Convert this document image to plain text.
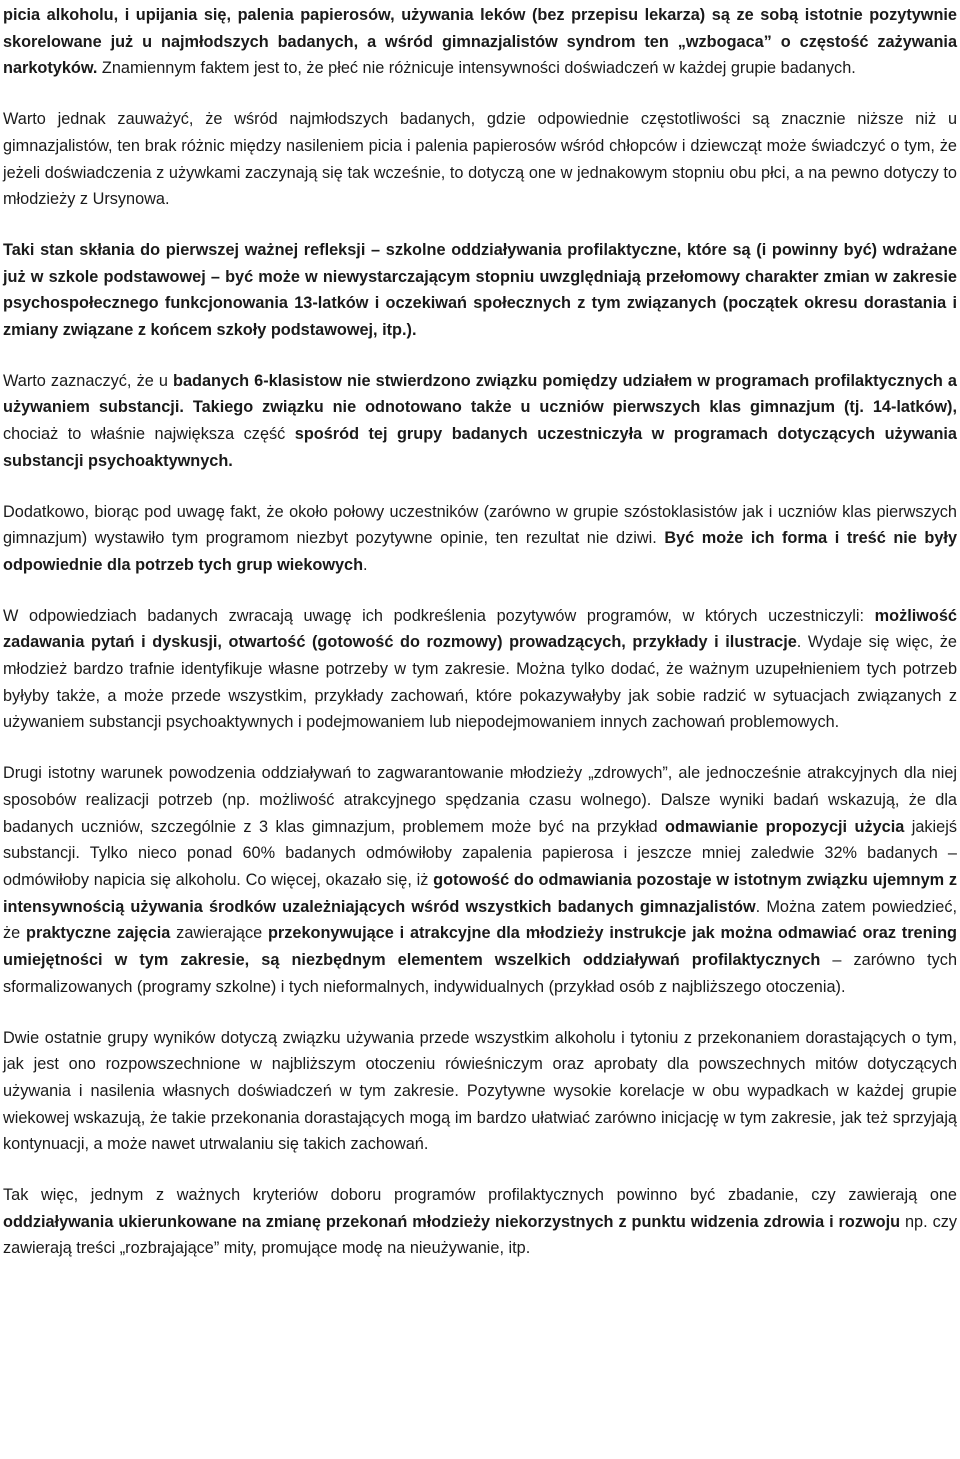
picia alkoholu, i upijania się, palenia papierosów, używania leków (bez przepisu lekarza) są ze sobą istotnie pozytywnie skorelowane już u najmłodszych badanych, a wśród gimnazjalistów syndrom ten „wzbogaca” o częstość zażywania narkotyków. Znamiennym faktem jest to, że płeć nie różnicuje intensywności doświadczeń w każdej grupie badanych.

Warto jednak zauważyć, że wśród najmłodszych badanych, gdzie odpowiednie częstotliwości są znacznie niższe niż u gimnazjalistów, ten brak różnic między nasileniem picia i palenia papierosów wśród chłopców i dziewcząt może świadczyć o tym, że jeżeli doświadczenia z używkami zaczynają się tak wcześnie, to dotyczą one w jednakowym stopniu obu płci, a na pewno dotyczy to młodzieży z Ursynowa.

Taki stan skłania do pierwszej ważnej refleksji – szkolne oddziaływania profilaktyczne, które są (i powinny być) wdrażane już w szkole podstawowej – być może w niewystarczającym stopniu uwzględniają przełomowy charakter zmian w zakresie psychospołecznego funkcjonowania 13-latków i oczekiwań społecznych z tym związanych (początek okresu dorastania i zmiany związane z końcem szkoły podstawowej, itp.).

Warto zaznaczyć, że u badanych 6-klasistow nie stwierdzono związku pomiędzy udziałem w programach profilaktycznych a używaniem substancji. Takiego związku nie odnotowano także u uczniów pierwszych klas gimnazjum (tj. 14-latków), chociaż to właśnie największa część spośród tej grupy badanych uczestniczyła w programach dotyczących używania substancji psychoaktywnych.

Dodatkowo, biorąc pod uwagę fakt, że około połowy uczestników (zarówno w grupie szóstoklasistów jak i uczniów klas pierwszych gimnazjum) wystawiło tym programom niezbyt pozytywne opinie, ten rezultat nie dziwi. Być może ich forma i treść nie były odpowiednie dla potrzeb tych grup wiekowych.

W odpowiedziach badanych zwracają uwagę ich podkreślenia pozytywów programów, w których uczestniczyli: możliwość zadawania pytań i dyskusji, otwartość (gotowość do rozmowy) prowadzących, przykłady i ilustracje. Wydaje się więc, że młodzież bardzo trafnie identyfikuje własne potrzeby w tym zakresie. Można tylko dodać, że ważnym uzupełnieniem tych potrzeb byłyby także, a może przede wszystkim, przykłady zachowań, które pokazywałyby jak sobie radzić w sytuacjach związanych z używaniem substancji psychoaktywnych i podejmowaniem lub niepodejmowaniem innych zachowań problemowych.

Drugi istotny warunek powodzenia oddziaływań to zagwarantowanie młodzieży „zdrowych”, ale jednocześnie atrakcyjnych dla niej sposobów realizacji potrzeb (np. możliwość atrakcyjnego spędzania czasu wolnego). Dalsze wyniki badań wskazują, że dla badanych uczniów, szczególnie z 3 klas gimnazjum, problemem może być na przykład odmawianie propozycji użycia jakiejś substancji. Tylko nieco ponad 60% badanych odmówiłoby zapalenia papierosa i jeszcze mniej zaledwie 32% badanych – odmówiłoby napicia się alkoholu. Co więcej, okazało się, iż gotowość do odmawiania pozostaje w istotnym związku ujemnym z intensywnością używania środków uzależniających wśród wszystkich badanych gimnazjalistów. Można zatem powiedzieć, że praktyczne zajęcia zawierające przekonywujące i atrakcyjne dla młodzieży instrukcje jak można odmawiać oraz trening umiejętności w tym zakresie, są niezbędnym elementem wszelkich oddziaływań profilaktycznych – zarówno tych sformalizowanych (programy szkolne) i tych nieformalnych, indywidualnych (przykład osób z najbliższego otoczenia).

Dwie ostatnie grupy wyników dotyczą związku używania przede wszystkim alkoholu i tytoniu z przekonaniem dorastających o tym, jak jest ono rozpowszechnione w najbliższym otoczeniu rówieśniczym oraz aprobaty dla powszechnych mitów dotyczących używania i nasilenia własnych doświadczeń w tym zakresie. Pozytywne wysokie korelacje w obu wypadkach w każdej grupie wiekowej wskazują, że takie przekonania dorastających mogą im bardzo ułatwiać zarówno inicjację w tym zakresie, jak też sprzyjają kontynuacji, a może nawet utrwalaniu się takich zachowań.

Tak więc, jednym z ważnych kryteriów doboru programów profilaktycznych powinno być zbadanie, czy zawierają one oddziaływania ukierunkowane na zmianę przekonań młodzieży niekorzystnych z punktu widzenia zdrowia i rozwoju np. czy zawierają treści „rozbrajające” mity, promujące modę na nieużywanie, itp.
